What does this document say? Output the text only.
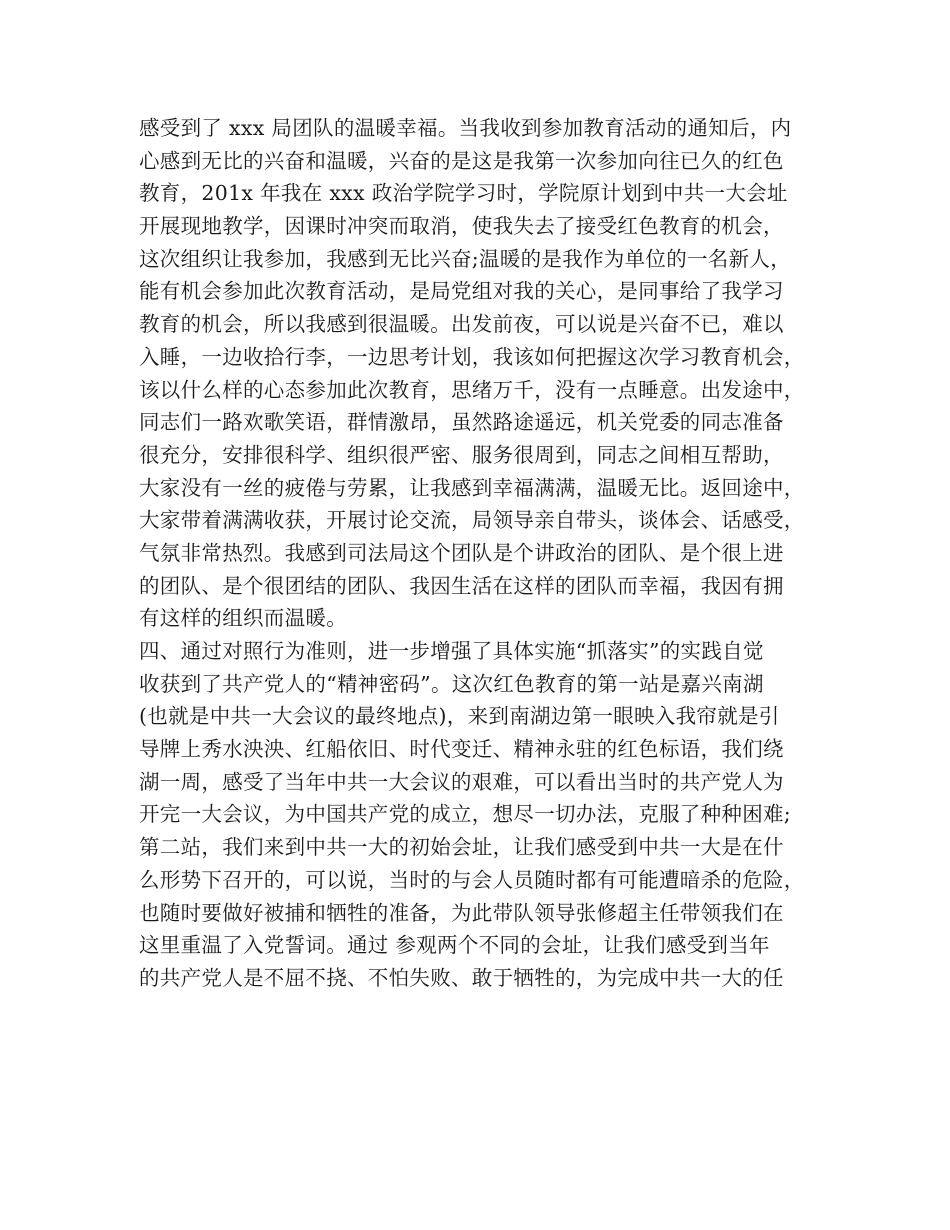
感受到了 xxx 局团队的温暖幸福。当我收到参加教育活动的通知后，内
心感到无比的兴奋和温暖，兴奋的是这是我第一次参加向往已久的红色
教育，201x 年我在 xxx 政治学院学习时，学院原计划到中共一大会址
开展现地教学，因课时冲突而取消，使我失去了接受红色教育的机会，
这次组织让我参加，我感到无比兴奋;温暖的是我作为单位的一名新人，
能有机会参加此次教育活动，是局党组对我的关心，是同事给了我学习
教育的机会，所以我感到很温暖。出发前夜，可以说是兴奋不已，难以
入睡，一边收拾行李，一边思考计划，我该如何把握这次学习教育机会，
该以什么样的心态参加此次教育，思绪万千，没有一点睡意。出发途中，
同志们一路欢歌笑语，群情激昂，虽然路途遥远，机关党委的同志准备
很充分，安排很科学、组织很严密、服务很周到，同志之间相互帮助，
大家没有一丝的疲倦与劳累，让我感到幸福满满，温暖无比。返回途中，
大家带着满满收获，开展讨论交流，局领导亲自带头，谈体会、话感受，
气氛非常热烈。我感到司法局这个团队是个讲政治的团队、是个很上进
的团队、是个很团结的团队、我因生活在这样的团队而幸福，我因有拥
有这样的组织而温暖。
四、通过对照行为准则，进一步增强了具体实施“抓落实”的实践自觉
收获到了共产党人的“精神密码”。这次红色教育的第一站是嘉兴南湖
(也就是中共一大会议的最终地点)，来到南湖边第一眼映入我帘就是引
导牌上秀水泱泱、红船依旧、时代变迁、精神永驻的红色标语，我们绕
湖一周，感受了当年中共一大会议的艰难，可以看出当时的共产党人为
开完一大会议，为中国共产党的成立，想尽一切办法，克服了种种困难;
第二站，我们来到中共一大的初始会址，让我们感受到中共一大是在什
么形势下召开的，可以说，当时的与会人员随时都有可能遭暗杀的危险，
也随时要做好被捕和牺牲的准备，为此带队领导张修超主任带领我们在
这里重温了入党誓词。通过 参观两个不同的会址，让我们感受到当年
的共产党人是不屈不挠、不怕失败、敢于牺牲的，为完成中共一大的任
